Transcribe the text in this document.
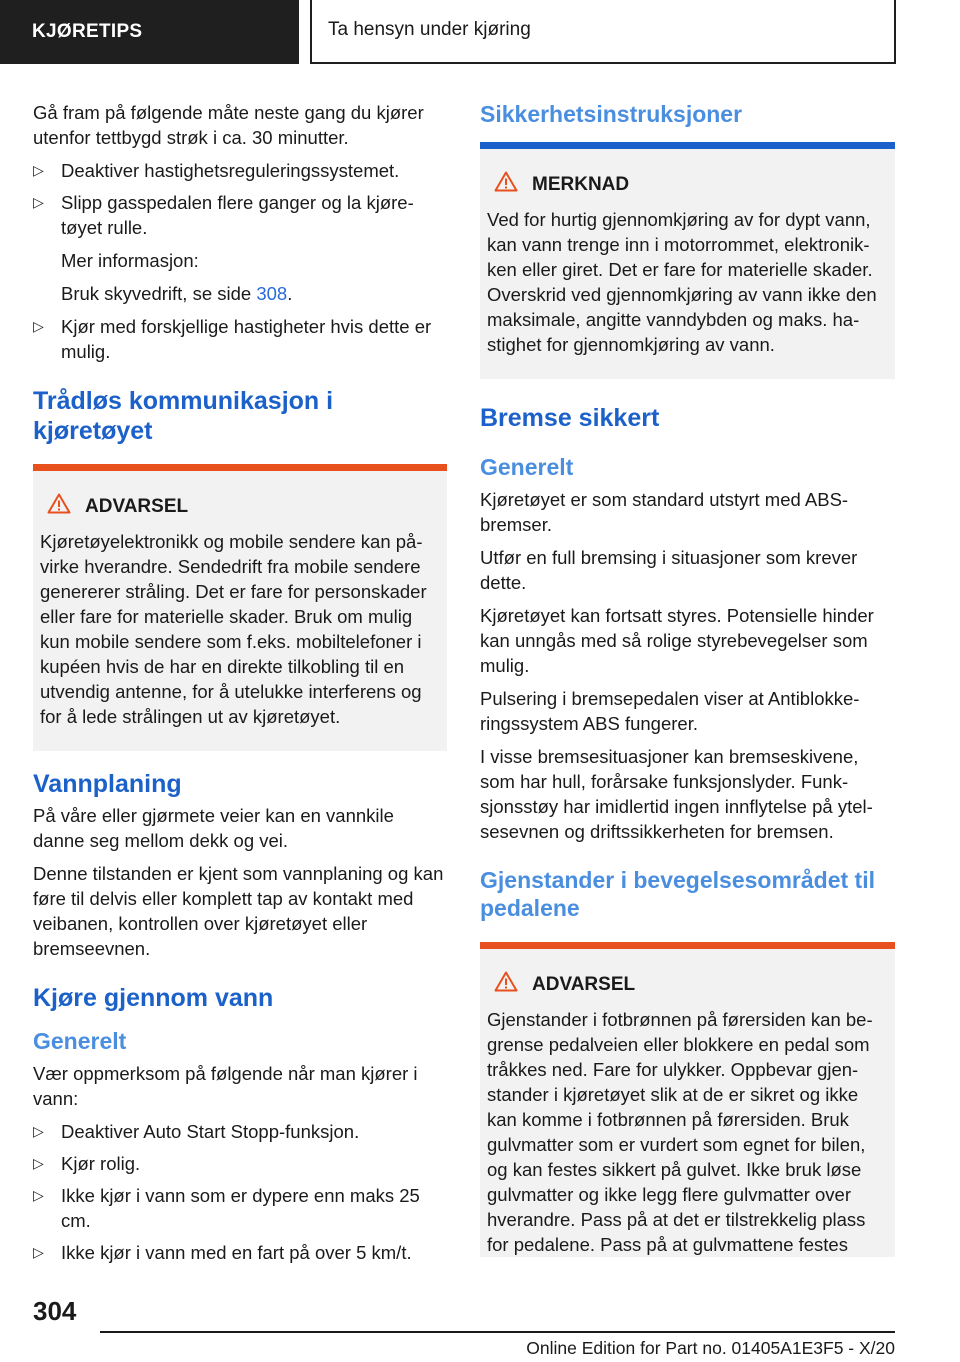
KJØRETIPS	Ta hensyn under kjøring

Gå fram på følgende måte neste gang du kjører utenfor tettbygd strøk i ca. 30 minutter.

▷ Deaktiver hastighetsreguleringssystemet.
▷ Slipp gasspedalen flere ganger og la kjøretøyet rulle.

Mer informasjon:

Bruk skyvedrift, se side 308.

▷ Kjør med forskjellige hastigheter hvis dette er mulig.
Trådløs kommunikasjon i kjøretøyet
ADVARSEL
Kjøretøyelektronikk og mobile sendere kan påvirke hverandre. Sendedrift fra mobile sendere genererer stråling. Det er fare for personskader eller fare for materielle skader. Bruk om mulig kun mobile sendere som f.eks. mobiltelefoner i kupéen hvis de har en direkte tilkobling til en utvendig antenne, for å utelukke interferens og for å lede strålingen ut av kjøretøyet.
Vannplaning

På våre eller gjørmete veier kan en vannkile danne seg mellom dekk og vei.

Denne tilstanden er kjent som vannplaning og kan føre til delvis eller komplett tap av kontakt med veibanen, kontrollen over kjøretøyet eller bremseevnen.

Kjøre gjennom vann
Generelt

Vær oppmerksom på følgende når man kjører i vann:

▷ Deaktiver Auto Start Stopp-funksjon.
▷ Kjør rolig.
▷ Ikke kjør i vann som er dypere enn maks 25 cm.
▷ Ikke kjør i vann med en fart på over 5 km/t.
Sikkerhetsinstruksjoner
MERKNAD
Ved for hurtig gjennomkjøring av for dypt vann, kan vann trenge inn i motorrommet, elektronikken eller giret. Det er fare for materielle skader. Overskrid ved gjennomkjøring av vann ikke den maksimale, angitte vanndybden og maks. hastighet for gjennomkjøring av vann.
Bremse sikkert
Generelt

Kjøretøyet er som standard utstyrt med ABS-bremser.

Utfør en full bremsing i situasjoner som krever dette.

Kjøretøyet kan fortsatt styres. Potensielle hinder kan unngås med så rolige styrebevegelser som mulig.

Pulsering i bremsepedalen viser at Antiblokkeringssystem ABS fungerer.

I visse bremsesituasjoner kan bremseskivene, som har hull, forårsake funksjonslyder. Funksjonsstøy har imidlertid ingen innflytelse på ytelsesevnen og driftssikkerheten for bremsen.

Gjenstander i bevegelsesområdet til pedalene
ADVARSEL
Gjenstander i fotbrønnen på førersiden kan begrense pedalveien eller blokkere en pedal som tråkkes ned. Fare for ulykker. Oppbevar gjenstander i kjøretøyet slik at de er sikret og ikke kan komme i fotbrønnen på førersiden. Bruk gulvmatter som er vurdert som egnet for bilen, og kan festes sikkert på gulvet. Ikke bruk løse gulvmatter og ikke legg flere gulvmatter over hverandre. Pass på at det er tilstrekkelig plass for pedalene. Pass på at gulvmattene festes
304
Online Edition for Part no. 01405A1E3F5 - X/20
